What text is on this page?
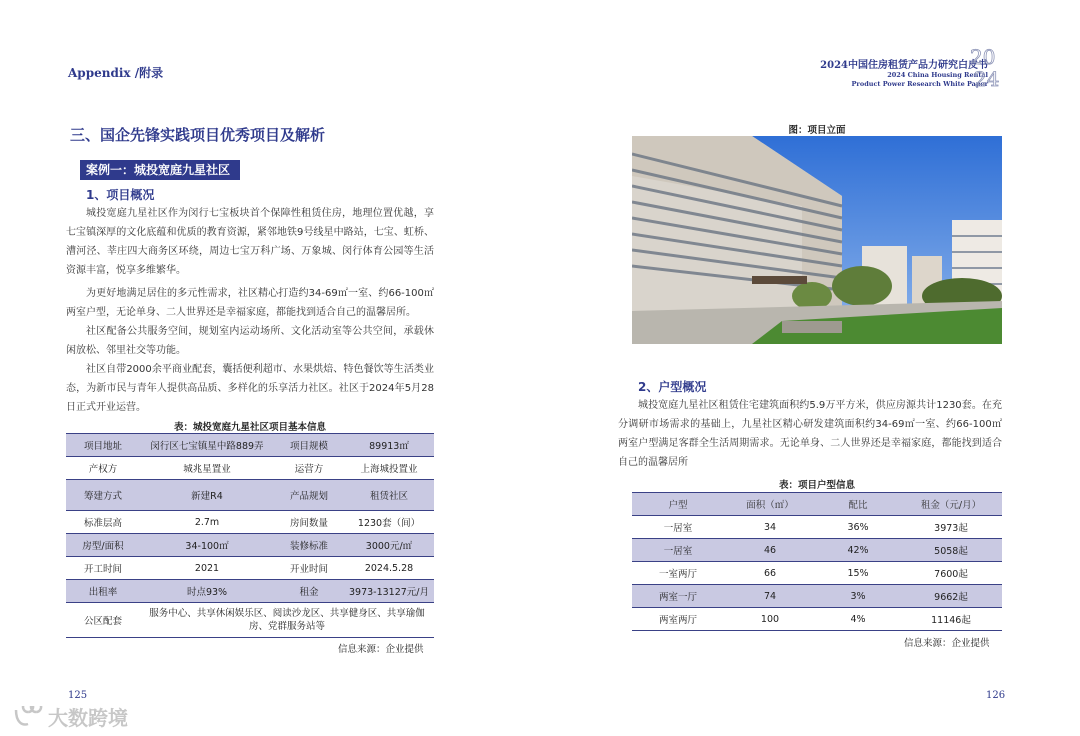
Appendix /附录
2024中国住房租赁产品力研究白皮书
2024 China Housing Rental
Product Power Research White Paper
20
24
三、国企先锋实践项目优秀项目及解析
案例一：城投宽庭九星社区
1、项目概况
城投宽庭九星社区作为闵行七宝板块首个保障性租赁住房，地理位置优越，享七宝镇深厚的文化底蕴和优质的教育资源，紧邻地铁9号线星中路站，七宝、虹桥、漕河泾、莘庄四大商务区环绕，周边七宝万科广场、万象城、闵行体育公园等生活资源丰富，悦享多维繁华。
为更好地满足居住的多元性需求，社区精心打造约34-69㎡一室、约66-100㎡两室户型，无论单身、二人世界还是幸福家庭，都能找到适合自己的温馨居所。
社区配备公共服务空间，规划室内运动场所、文化活动室等公共空间，承载休闲放松、邻里社交等功能。
社区自带2000余平商业配套，囊括便利超市、水果烘焙、特色餐饮等生活类业态，为新市民与青年人提供高品质、多样化的乐享活力社区。社区于2024年5月28日正式开业运营。
表：城投宽庭九星社区项目基本信息
项目地址	闵行区七宝镇星中路889弄	项目规模	89913㎡
产权方	城兆星置业	运营方	上海城投置业
筹建方式	新建R4	产品规划	租赁社区
标准层高	2.7m	房间数量	1230套（间）
房型/面积	34-100㎡	装修标准	3000元/㎡
开工时间	2021	开业时间	2024.5.28
出租率	时点93%	租金	3973-13127元/月
公区配套	服务中心、共享休闲娱乐区、阅读沙龙区、共享健身区、共享瑜伽房、党群服务站等		
信息来源：企业提供
125
图：项目立面
2、户型概况
城投宽庭九星社区租赁住宅建筑面积约5.9万平方米，供应房源共计1230套。在充分调研市场需求的基础上，九星社区精心研发建筑面积约34-69㎡一室、约66-100㎡两室户型满足客群全生活周期需求。无论单身、二人世界还是幸福家庭，都能找到适合自己的温馨居所
表：项目户型信息
户型	面积（㎡）	配比	租金（元/月）
一居室	34	36%	3973起
一居室	46	42%	5058起
一室两厅	66	15%	7600起
两室一厅	74	3%	9662起
两室两厅	100	4%	11146起
信息来源：企业提供
126
大数跨境
